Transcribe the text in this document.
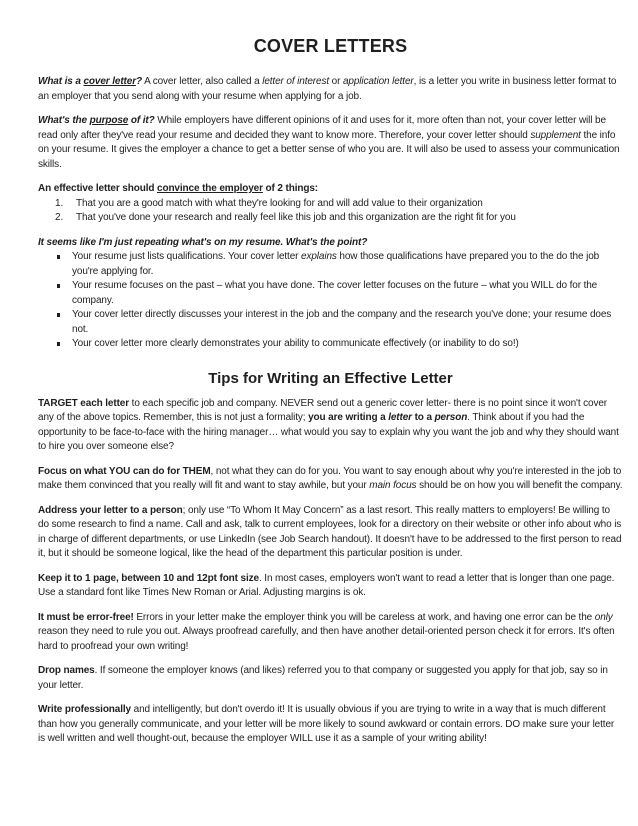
COVER LETTERS

What is a cover letter? A cover letter, also called a letter of interest or application letter, is a letter you write in business letter format to an employer that you send along with your resume when applying for a job.

What's the purpose of it? While employers have different opinions of it and uses for it, more often than not, your cover letter will be read only after they've read your resume and decided they want to know more. Therefore, your cover letter should supplement the info on your resume. It gives the employer a chance to get a better sense of who you are. It will also be used to assess your communication skills.

An effective letter should convince the employer of 2 things:

That you are a good match with what they're looking for and will add value to their organization
That you've done your research and really feel like this job and this organization are the right fit for you

It seems like I'm just repeating what's on my resume. What's the point?

Your resume just lists qualifications. Your cover letter explains how those qualifications have prepared you to the do the job you're applying for.
Your resume focuses on the past – what you have done. The cover letter focuses on the future – what you WILL do for the company.
Your cover letter directly discusses your interest in the job and the company and the research you've done; your resume does not.
Your cover letter more clearly demonstrates your ability to communicate effectively (or inability to do so!)
Tips for Writing an Effective Letter

TARGET each letter to each specific job and company. NEVER send out a generic cover letter- there is no point since it won't cover any of the above topics. Remember, this is not just a formality; you are writing a letter to a person. Think about if you had the opportunity to be face-to-face with the hiring manager… what would you say to explain why you want the job and why they should want to hire you over someone else?

Focus on what YOU can do for THEM, not what they can do for you. You want to say enough about why you're interested in the job to make them convinced that you really will fit and want to stay awhile, but your main focus should be on how you will benefit the company.

Address your letter to a person; only use “To Whom It May Concern” as a last resort. This really matters to employers! Be willing to do some research to find a name. Call and ask, talk to current employees, look for a directory on their website or other info about who is in charge of different departments, or use LinkedIn (see Job Search handout). It doesn't have to be addressed to the first person to read it, but it should be someone logical, like the head of the department this particular position is under.

Keep it to 1 page, between 10 and 12pt font size. In most cases, employers won't want to read a letter that is longer than one page. Use a standard font like Times New Roman or Arial. Adjusting margins is ok.

It must be error-free! Errors in your letter make the employer think you will be careless at work, and having one error can be the only reason they need to rule you out. Always proofread carefully, and then have another detail-oriented person check it for errors. It's often hard to proofread your own writing!

Drop names. If someone the employer knows (and likes) referred you to that company or suggested you apply for that job, say so in your letter.

Write professionally and intelligently, but don't overdo it! It is usually obvious if you are trying to write in a way that is much different than how you generally communicate, and your letter will be more likely to sound awkward or contain errors. DO make sure your letter is well written and well thought-out, because the employer WILL use it as a sample of your writing ability!
